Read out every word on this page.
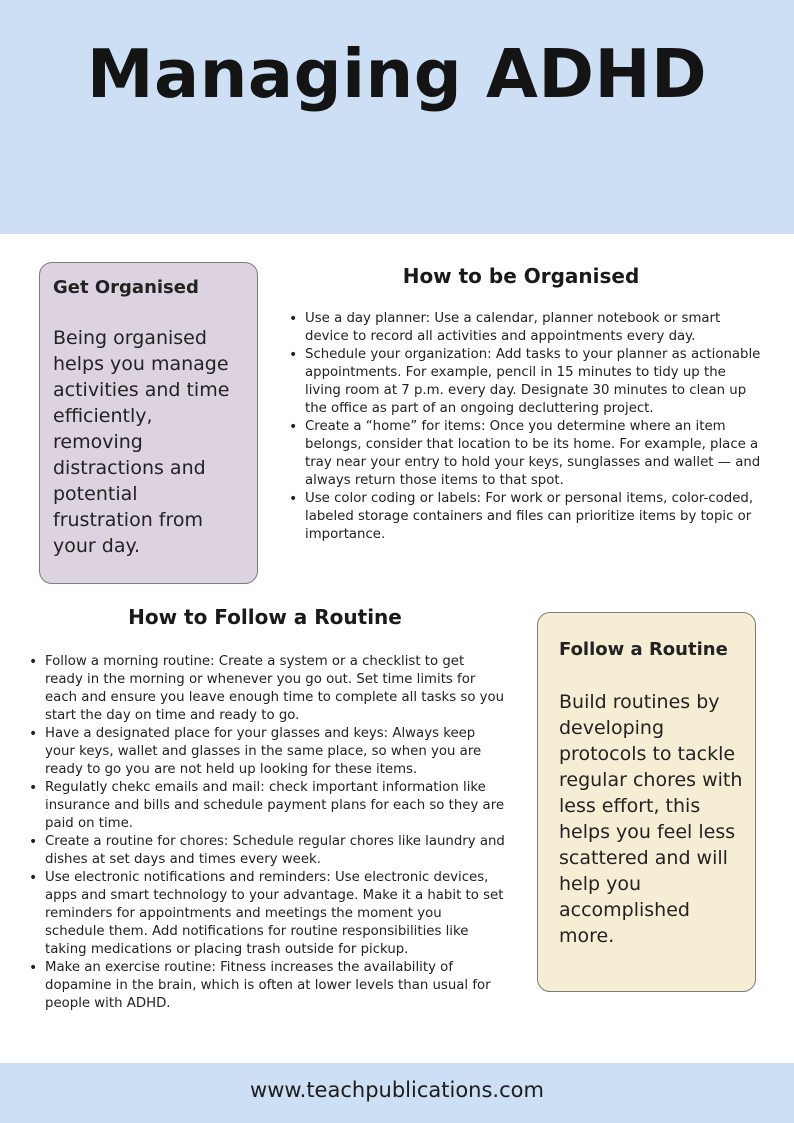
Managing ADHD
Get Organised

Being organised helps you manage activities and time efficiently, removing distractions and potential frustration from your day.

How to be Organised
• Use a day planner: Use a calendar, planner notebook or smart device to record all activities and appointments every day.
• Schedule your organization: Add tasks to your planner as actionable appointments. For example, pencil in 15 minutes to tidy up the living room at 7 p.m. every day. Designate 30 minutes to clean up the office as part of an ongoing decluttering project.
• Create a “home” for items: Once you determine where an item belongs, consider that location to be its home. For example, place a tray near your entry to hold your keys, sunglasses and wallet — and always return those items to that spot.
• Use color coding or labels: For work or personal items, color-coded, labeled storage containers and files can prioritize items by topic or importance.
How to Follow a Routine
• Follow a morning routine: Create a system or a checklist to get ready in the morning or whenever you go out. Set time limits for each and ensure you leave enough time to complete all tasks so you start the day on time and ready to go.
• Have a designated place for your glasses and keys: Always keep your keys, wallet and glasses in the same place, so when you are ready to go you are not held up looking for these items.
• Regulatly chekc emails and mail: check important information like insurance and bills and schedule payment plans for each so they are paid on time.
• Create a routine for chores: Schedule regular chores like laundry and dishes at set days and times every week.
• Use electronic notifications and reminders: Use electronic devices, apps and smart technology to your advantage. Make it a habit to set reminders for appointments and meetings the moment you schedule them. Add notifications for routine responsibilities like taking medications or placing trash outside for pickup.
• Make an exercise routine: Fitness increases the availability of dopamine in the brain, which is often at lower levels than usual for people with ADHD.
Follow a Routine

Build routines by developing protocols to tackle regular chores with less effort, this helps you feel less scattered and will help you accomplished more.

www.teachpublications.com
